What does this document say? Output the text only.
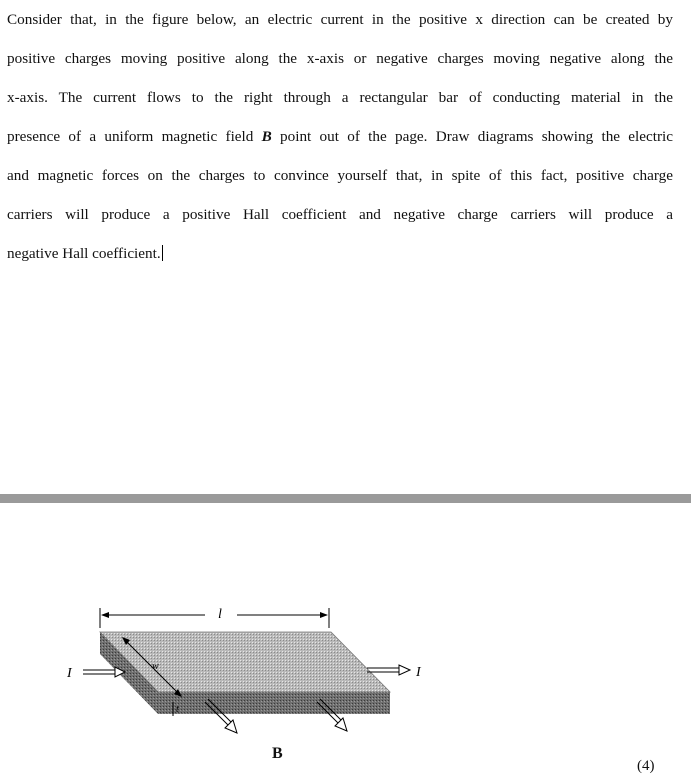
Consider that, in the figure below, an electric current in the positive x direction can be created by
positive charges moving positive along the x-axis or negative charges moving negative along the
x-axis. The current flows to the right through a rectangular bar of conducting material in the
presence of a uniform magnetic field B point out of the page. Draw diagrams showing the electric
and magnetic forces on the charges to convince yourself that, in spite of this fact, positive charge
carriers will produce a positive Hall coefficient and negative charge carriers will produce a
negative Hall coefficient.
l
w
t
I	I
B
(4)
